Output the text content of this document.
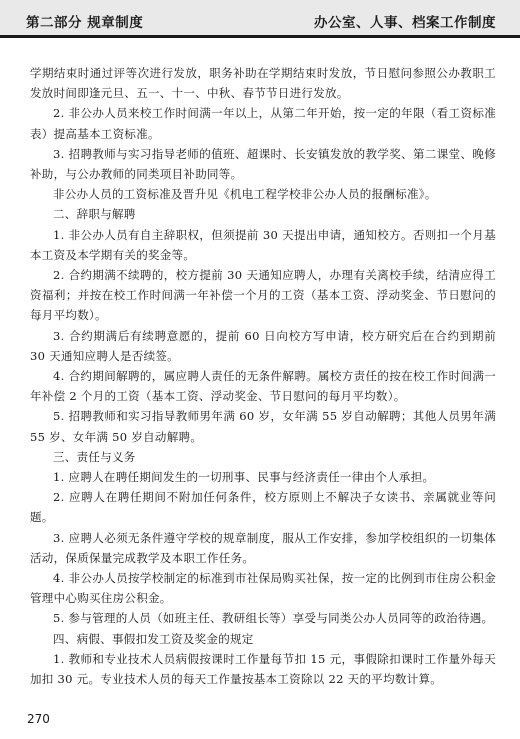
第二部分 规章制度	办公室、人事、档案工作制度

学期结束时通过评等次进行发放，职务补助在学期结束时发放，节日慰问参照公办教职工发放时间即逢元旦、五一、十一、中秋、春节节日进行发放。

2. 非公办人员来校工作时间满一年以上，从第二年开始，按一定的年限（看工资标准表）提高基本工资标准。

3. 招聘教师与实习指导老师的值班、超课时、长安镇发放的教学奖、第二课堂、晚修补助，与公办教师的同类项目补助同等。

非公办人员的工资标准及晋升见《机电工程学校非公办人员的报酬标准》。

二、辞职与解聘

1. 非公办人员有自主辞职权，但须提前 30 天提出申请，通知校方。否则扣一个月基本工资及本学期有关的奖金等。

2. 合约期满不续聘的，校方提前 30 天通知应聘人，办理有关离校手续，结清应得工资福利；并按在校工作时间满一年补偿一个月的工资（基本工资、浮动奖金、节日慰问的每月平均数）。

3. 合约期满后有续聘意愿的，提前 60 日向校方写申请，校方研究后在合约到期前 30 天通知应聘人是否续签。

4. 合约期间解聘的，属应聘人责任的无条件解聘。属校方责任的按在校工作时间满一年补偿 2 个月的工资（基本工资、浮动奖金、节日慰问的每月平均数）。

5. 招聘教师和实习指导教师男年满 60 岁，女年满 55 岁自动解聘；其他人员男年满 55 岁、女年满 50 岁自动解聘。

三、责任与义务

1. 应聘人在聘任期间发生的一切刑事、民事与经济责任一律由个人承担。

2. 应聘人在聘任期间不附加任何条件，校方原则上不解决子女读书、亲属就业等问题。

3. 应聘人必须无条件遵守学校的规章制度，服从工作安排，参加学校组织的一切集体活动，保质保量完成教学及本职工作任务。

4. 非公办人员按学校制定的标准到市社保局购买社保，按一定的比例到市住房公积金管理中心购买住房公积金。

5. 参与管理的人员（如班主任、教研组长等）享受与同类公办人员同等的政治待遇。

四、病假、事假扣发工资及奖金的规定

1. 教师和专业技术人员病假按课时工作量每节扣 15 元，事假除扣课时工作量外每天加扣 30 元。专业技术人员的每天工作量按基本工资除以 22 天的平均数计算。

270
